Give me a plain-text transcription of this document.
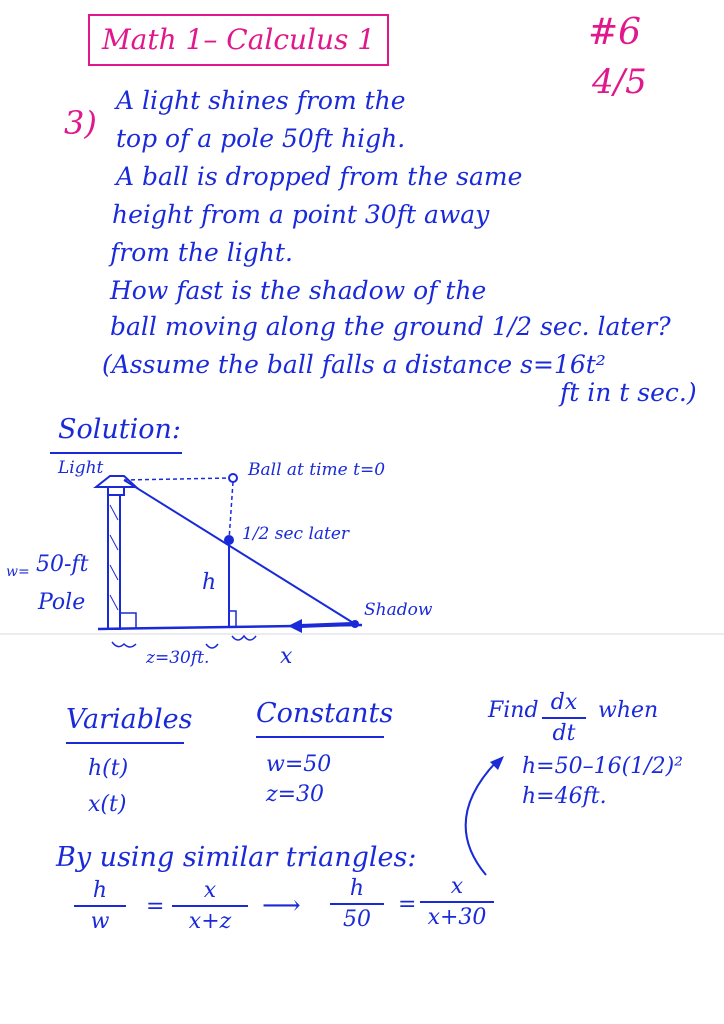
Math 1– Calculus 1	#6
4/5
3)
A light shines from the
top of a pole 50ft high.
A ball is dropped from the same
height from a point 30ft away
from the light.
How fast is the shadow of the
ball moving along the ground 1/2 sec. later?
(Assume the ball falls a distance s=16t²
ft in t sec.)
Solution:
Light	Ball at time t=0
1/2 sec later
h
w= 50-ft
Pole	Shadow
z=30ft.	x
Variables
h(t)
x(t)
Constants
w=50
z=30
Find dx
dt
when
h=50–16(1/2)²
h=46ft.
By using similar triangles:
h
w
=
x
x+z
⟶
h
50
=
x
x+30
